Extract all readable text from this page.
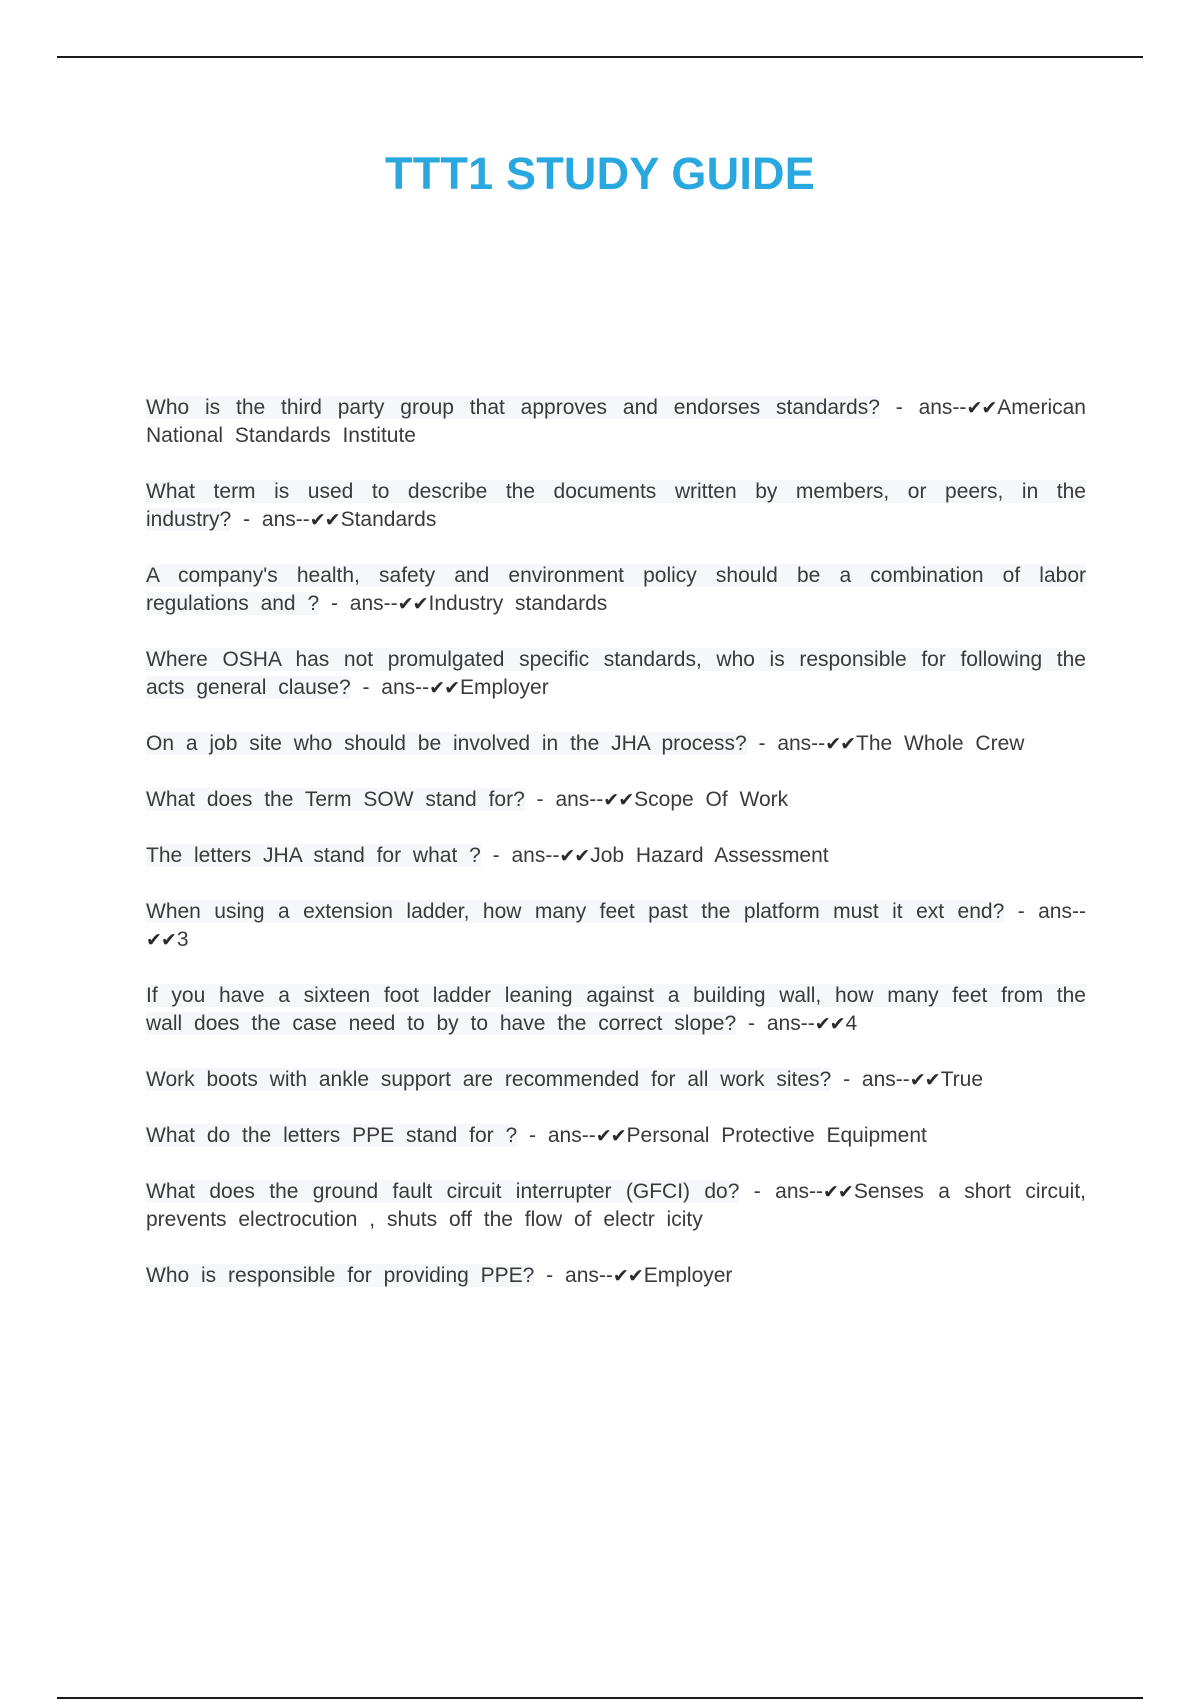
TTT1 STUDY GUIDE
Who is the third party group that approves and endorses standards? - ans--✔✔American National Standards Institute
What term is used to describe the documents written by members, or peers, in the industry? - ans--✔✔Standards
A company's health, safety and environment policy should be a combination of labor regulations and ? - ans--✔✔Industry standards
Where OSHA has not promulgated specific standards, who is responsible for following the acts general clause? - ans--✔✔Employer
On a job site who should be involved in the JHA process? - ans--✔✔The Whole Crew
What does the Term SOW stand for? - ans--✔✔Scope Of Work
The letters JHA stand for what ? - ans--✔✔Job Hazard Assessment
When using a extension ladder, how many feet past the platform must it ext end? - ans--✔✔3
If you have a sixteen foot ladder leaning against a building wall, how many feet from the wall does the case need to by to have the correct slope? - ans--✔✔4
Work boots with ankle support are recommended for all work sites? - ans--✔✔True
What do the letters PPE stand for ? - ans--✔✔Personal Protective Equipment
What does the ground fault circuit interrupter (GFCI) do? - ans--✔✔Senses a short circuit, prevents electrocution , shuts off the flow of electr icity
Who is responsible for providing PPE? - ans--✔✔Employer
